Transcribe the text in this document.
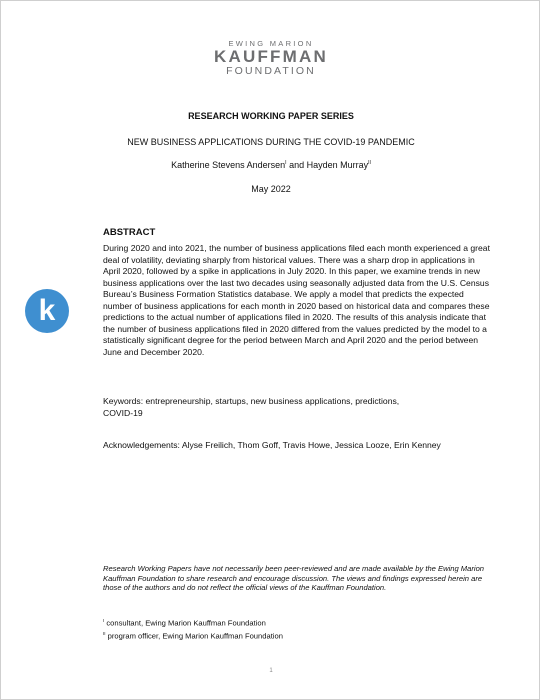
EWING MARION
KAUFFMAN
FOUNDATION
RESEARCH WORKING PAPER SERIES
NEW BUSINESS APPLICATIONS DURING THE COVID-19 PANDEMIC
Katherine Stevens Andersen$^I$ and Hayden Murray$^{II}$
May 2022
ABSTRACT
During 2020 and into 2021, the number of business applications filed each month experienced a great deal of volatility, deviating sharply from historical values. There was a sharp drop in applications in April 2020, followed by a spike in applications in July 2020. In this paper, we examine trends in new business applications over the last two decades using seasonally adjusted data from the U.S. Census Bureau’s Business Formation Statistics database. We apply a model that predicts the expected number of business applications for each month in 2020 based on historical data and compares these predictions to the actual number of applications filed in 2020. The results of this analysis indicate that the number of business applications filed in 2020 differed from the values predicted by the model to a statistically significant degree for the period between March and April 2020 and the period between June and December 2020.
k
Keywords: entrepreneurship, startups, new business applications, predictions, COVID-19
Acknowledgements: Alyse Freilich, Thom Goff, Travis Howe, Jessica Looze, Erin Kenney
Research Working Papers have not necessarily been peer-reviewed and are made available by the Ewing Marion Kauffman Foundation to share research and encourage discussion. The views and findings expressed herein are those of the authors and do not reflect the official views of the Kauffman Foundation.
$^I$ consultant, Ewing Marion Kauffman Foundation
$^{II}$ program officer, Ewing Marion Kauffman Foundation
1
